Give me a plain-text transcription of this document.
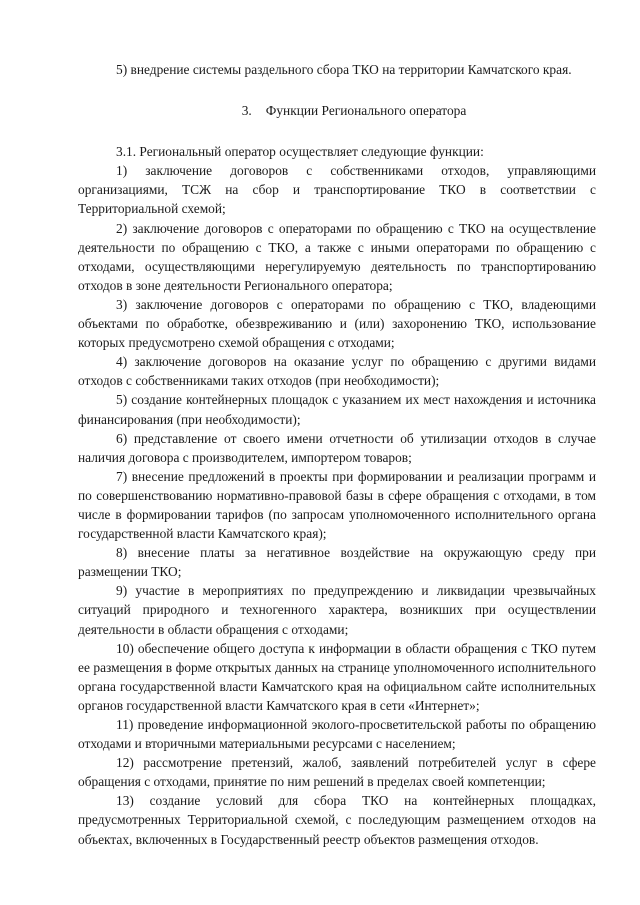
5) внедрение системы раздельного сбора ТКО на территории Камчатского края.

3. Функции Регионального оператора

3.1. Региональный оператор осуществляет следующие функции:

1) заключение договоров с собственниками отходов, управляющими организациями, ТСЖ на сбор и транспортирование ТКО в соответствии с Территориальной схемой;

2) заключение договоров с операторами по обращению с ТКО на осуществление деятельности по обращению с ТКО, а также с иными операторами по обращению с отходами, осуществляющими нерегулируемую деятельность по транспортированию отходов в зоне деятельности Регионального оператора;

3) заключение договоров с операторами по обращению с ТКО, владеющими объектами по обработке, обезвреживанию и (или) захоронению ТКО, использование которых предусмотрено схемой обращения с отходами;

4) заключение договоров на оказание услуг по обращению с другими видами отходов с собственниками таких отходов (при необходимости);

5) создание контейнерных площадок с указанием их мест нахождения и источника финансирования (при необходимости);

6) представление от своего имени отчетности об утилизации отходов в случае наличия договора с производителем, импортером товаров;

7) внесение предложений в проекты при формировании и реализации программ и по совершенствованию нормативно-правовой базы в сфере обращения с отходами, в том числе в формировании тарифов (по запросам уполномоченного исполнительного органа государственной власти Камчатского края);

8) внесение платы за негативное воздействие на окружающую среду при размещении ТКО;

9) участие в мероприятиях по предупреждению и ликвидации чрезвычайных ситуаций природного и техногенного характера, возникших при осуществлении деятельности в области обращения с отходами;

10) обеспечение общего доступа к информации в области обращения с ТКО путем ее размещения в форме открытых данных на странице уполномоченного исполнительного органа государственной власти Камчатского края на официальном сайте исполнительных органов государственной власти Камчатского края в сети «Интернет»;

11) проведение информационной эколого-просветительской работы по обращению отходами и вторичными материальными ресурсами с населением;

12) рассмотрение претензий, жалоб, заявлений потребителей услуг в сфере обращения с отходами, принятие по ним решений в пределах своей компетенции;

13) создание условий для сбора ТКО на контейнерных площадках, предусмотренных Территориальной схемой, с последующим размещением отходов на объектах, включенных в Государственный реестр объектов размещения отходов.
